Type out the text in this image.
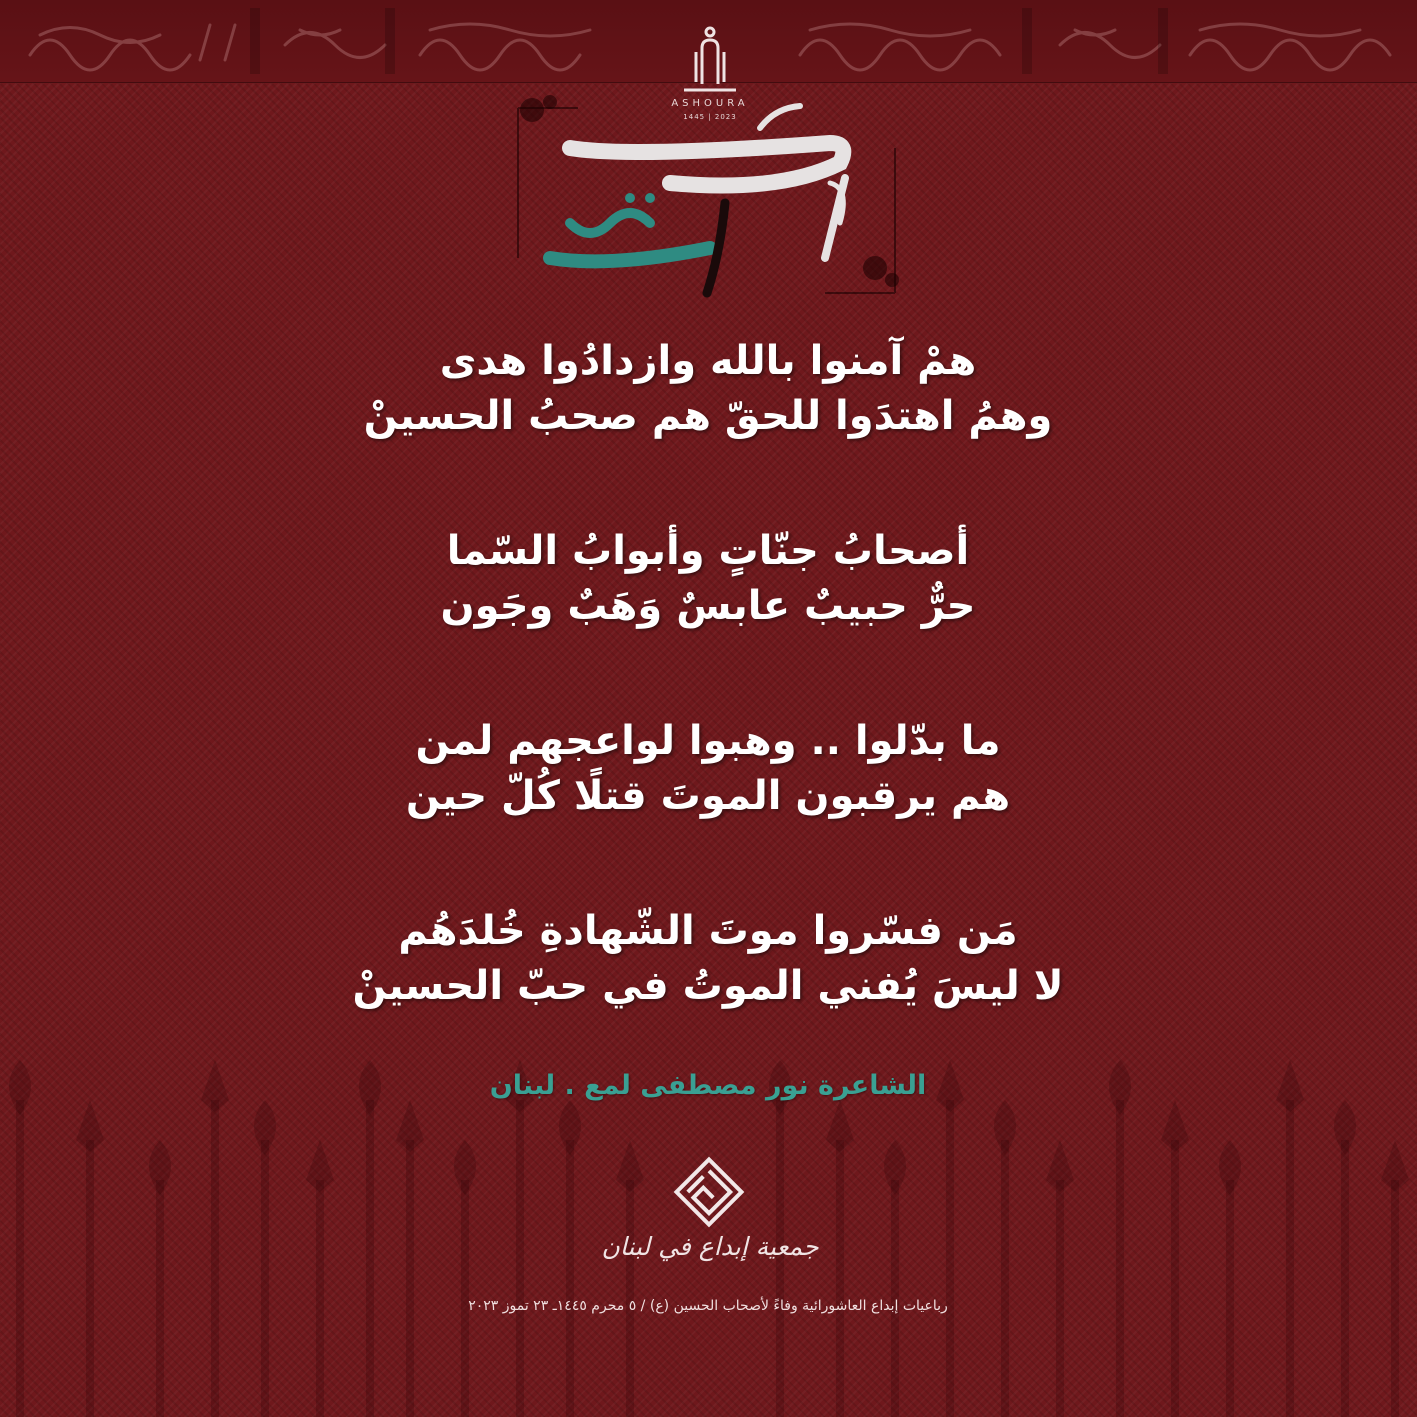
ASHOURA
1445 | 2023
همْ آمنوا بالله وازدادُوا هدى
وهمُ اهتدَوا للحقّ هم صحبُ الحسينْ
أصحابُ جنّاتٍ وأبوابُ السّما
حرٌّ حبيبٌ عابسٌ وَهَبٌ وجَون
ما بدّلوا .. وهبوا لواعجهم لمن
هم يرقبون الموتَ قتلًا كُلّ حين
مَن فسّروا موتَ الشّهادةِ خُلدَهُم
لا ليسَ يُفني الموتُ في حبّ الحسينْ
الشاعرة نور مصطفى لمع . لبنان
جمعية إبداع في لبنان
رباعيات إبداع العاشورائية وفاءً لأصحاب الحسين (ع) / ٥ محرم ١٤٤٥ـ ٢٣ تموز ٢٠٢٣
